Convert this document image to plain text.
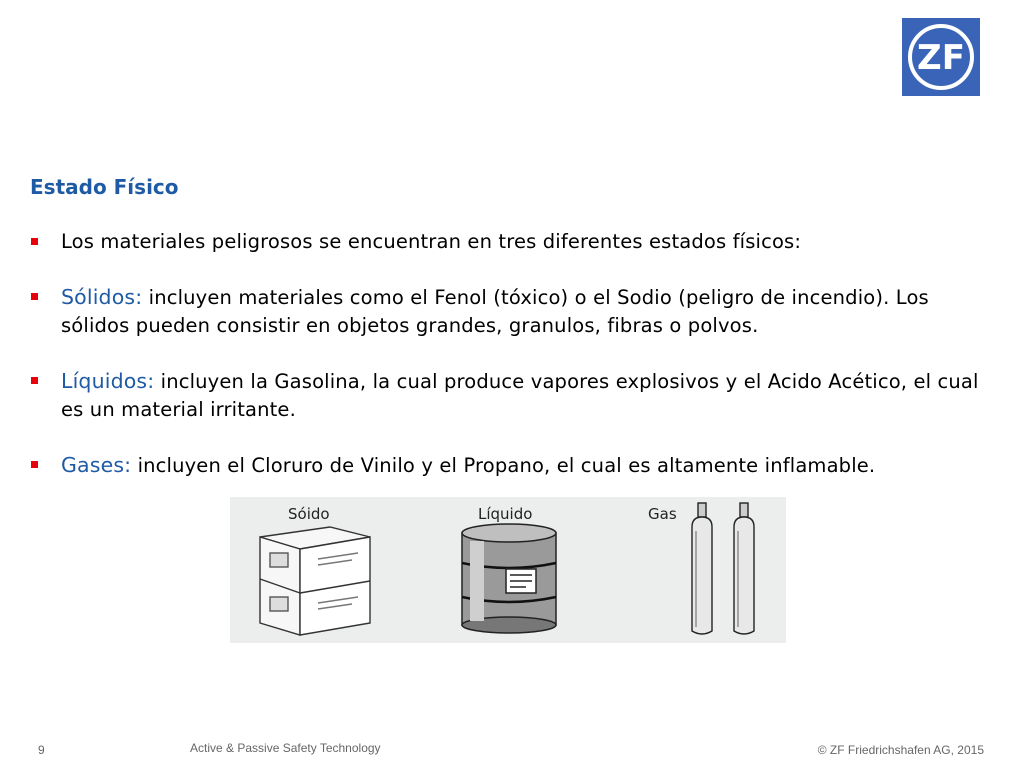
ZF
Estado Físico
Los materiales peligrosos se encuentran en tres diferentes estados físicos:
Sólidos: incluyen materiales como el Fenol (tóxico) o el Sodio (peligro de incendio). Los sólidos pueden consistir en objetos grandes, granulos, fibras o polvos.
Líquidos: incluyen la Gasolina, la cual produce vapores explosivos y el Acido Acético, el cual es un material irritante.
Gases: incluyen el Cloruro de Vinilo y el Propano, el cual es altamente inflamable.
Sóido	Líquido	Gas
9	Active & Passive Safety Technology	© ZF Friedrichshafen AG, 2015
